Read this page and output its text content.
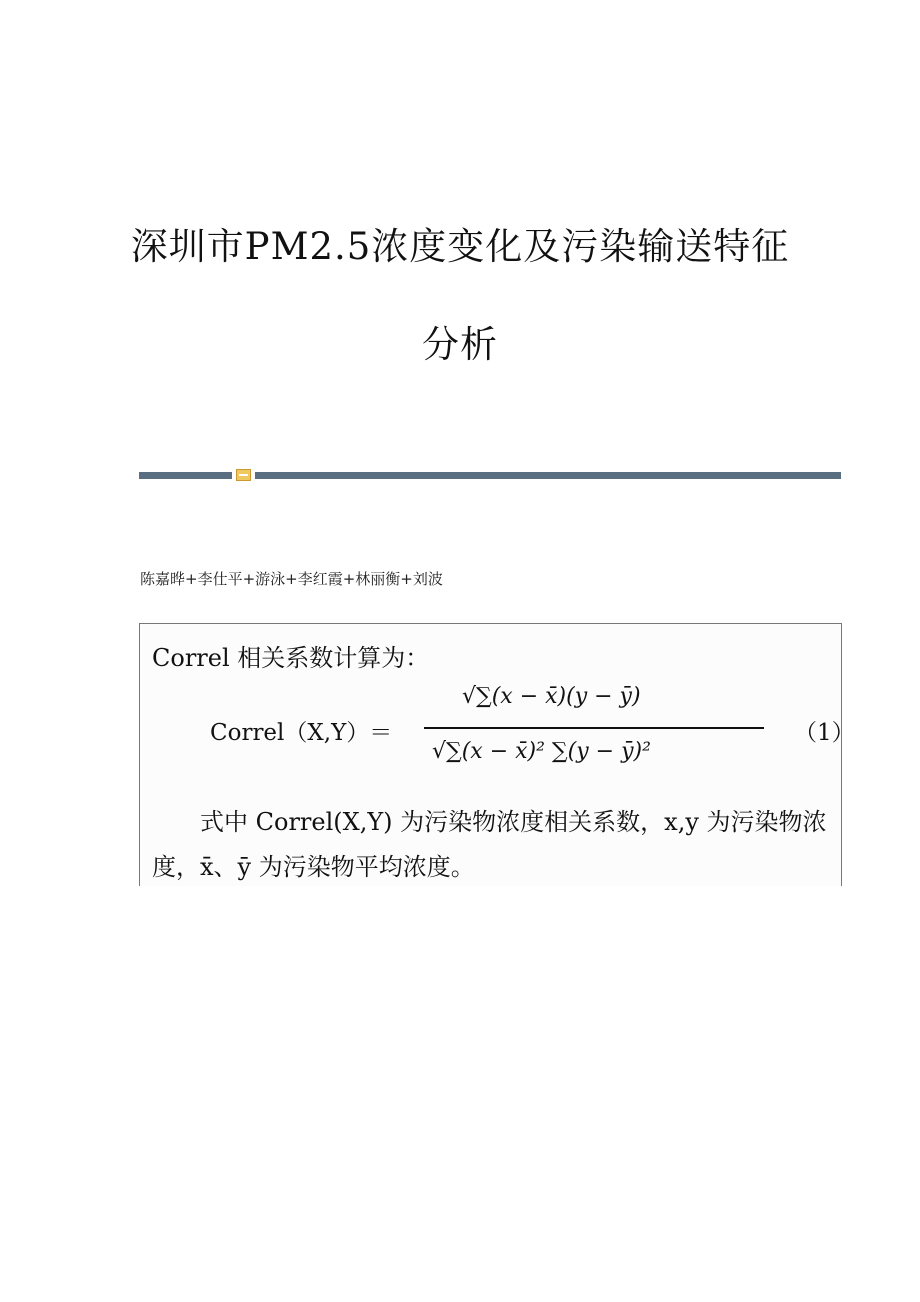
深圳市PM2.5浓度变化及污染输送特征
分析
陈嘉晔+李仕平+游泳+李红霞+林丽衡+刘波
Correl 相关系数计算为：
Correl（X,Y）＝
√∑(x − x̄)(y − ȳ)
√∑(x − x̄)² ∑(y − ȳ)²
（1）
式中 Correl(X,Y) 为污染物浓度相关系数，x,y 为污染物浓度，x̄、ȳ 为污染物平均浓度。
